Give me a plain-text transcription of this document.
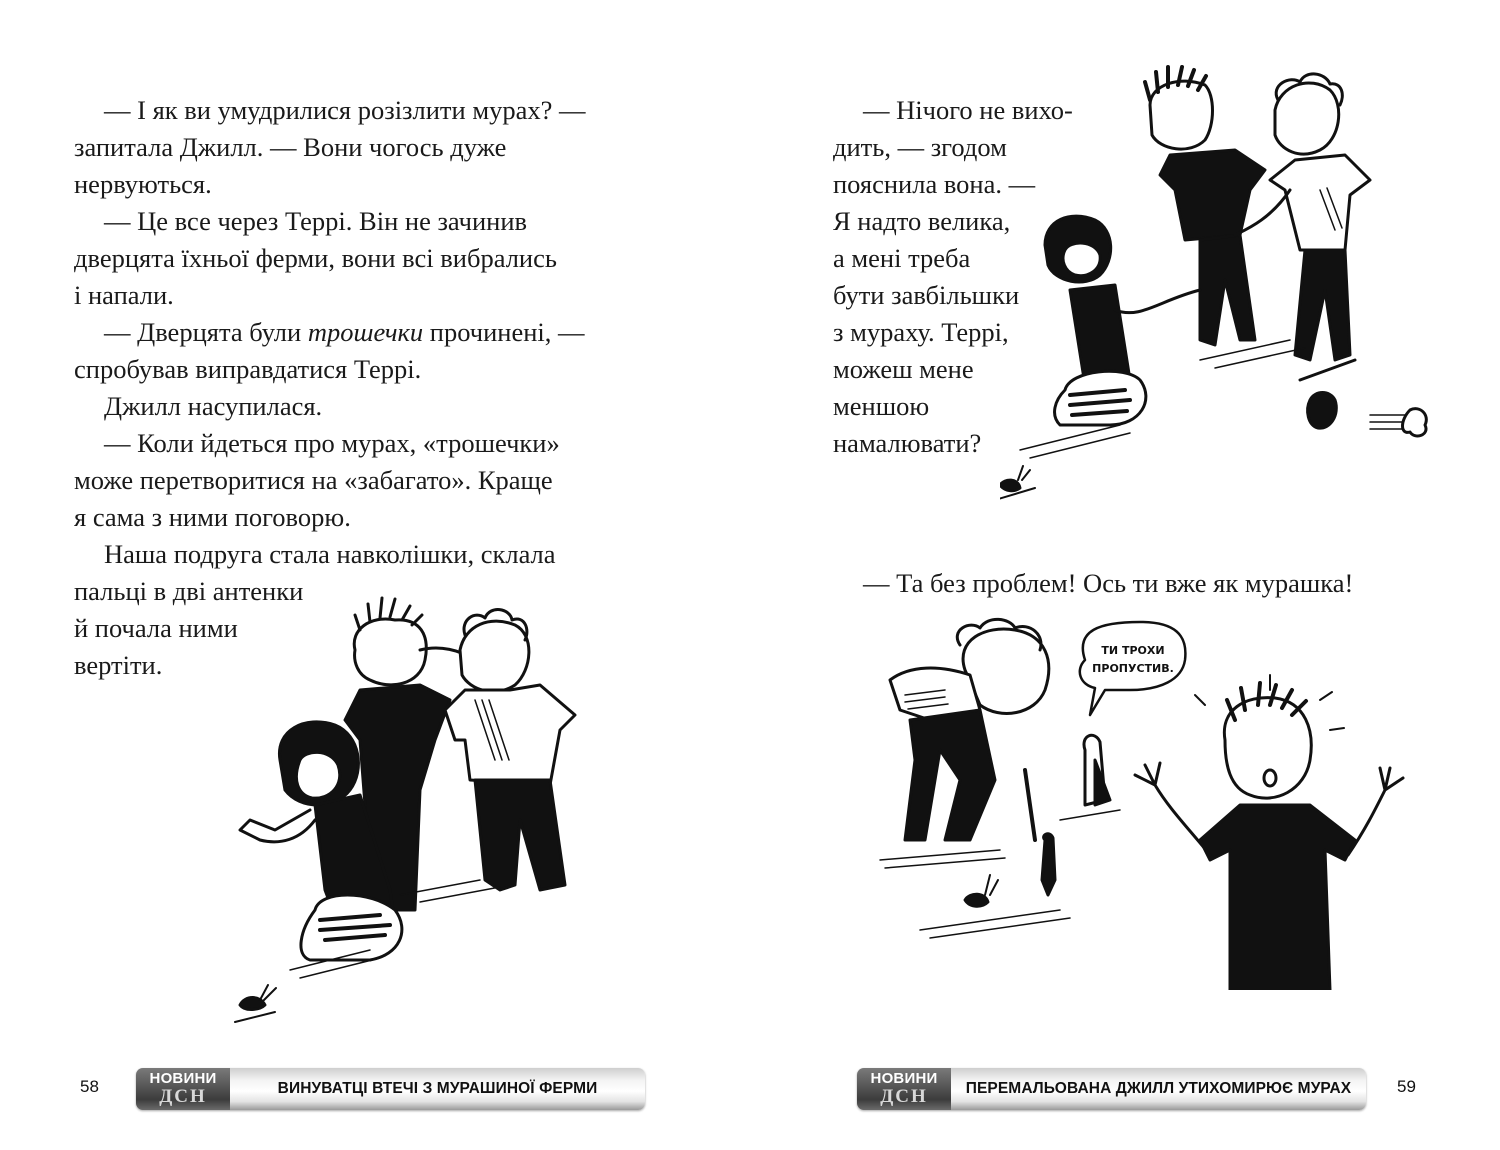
— І як ви умудрилися розізлити мурах? —
запитала Джилл. — Вони чогось дуже
нервуються.
— Це все через Террі. Він не зачинив
дверцята їхньої ферми, вони всі вибрались
і напали.
— Дверцята були трошечки прочинені, —
спробував виправдатися Террі.
Джилл насупилася.
— Коли йдеться про мурах, «трошечки»
може перетворитися на «забагато». Краще
я сама з ними поговорю.
Наша подруга стала навколішки, склала
пальці в дві антенки
й почала ними
вертіти.
58	НОВИНИ
ДСН	ВИНУВАТЦІ ВТЕЧІ З МУРАШИНОЇ ФЕРМИ
— Нічого не вихо-
дить, — згодом
пояснила вона. —
Я надто велика,
а мені треба
бути завбільшки
з мураху. Террі,
можеш мене
меншою
намалювати?
— Та без проблем! Ось ти вже як мурашка!
ТИ ТРОХИ
ПРОПУСТИВ.
НОВИНИ
ДСН	ПЕРЕМАЛЬОВАНА ДЖИЛЛ УТИХОМИРЮЄ МУРАХ	59
